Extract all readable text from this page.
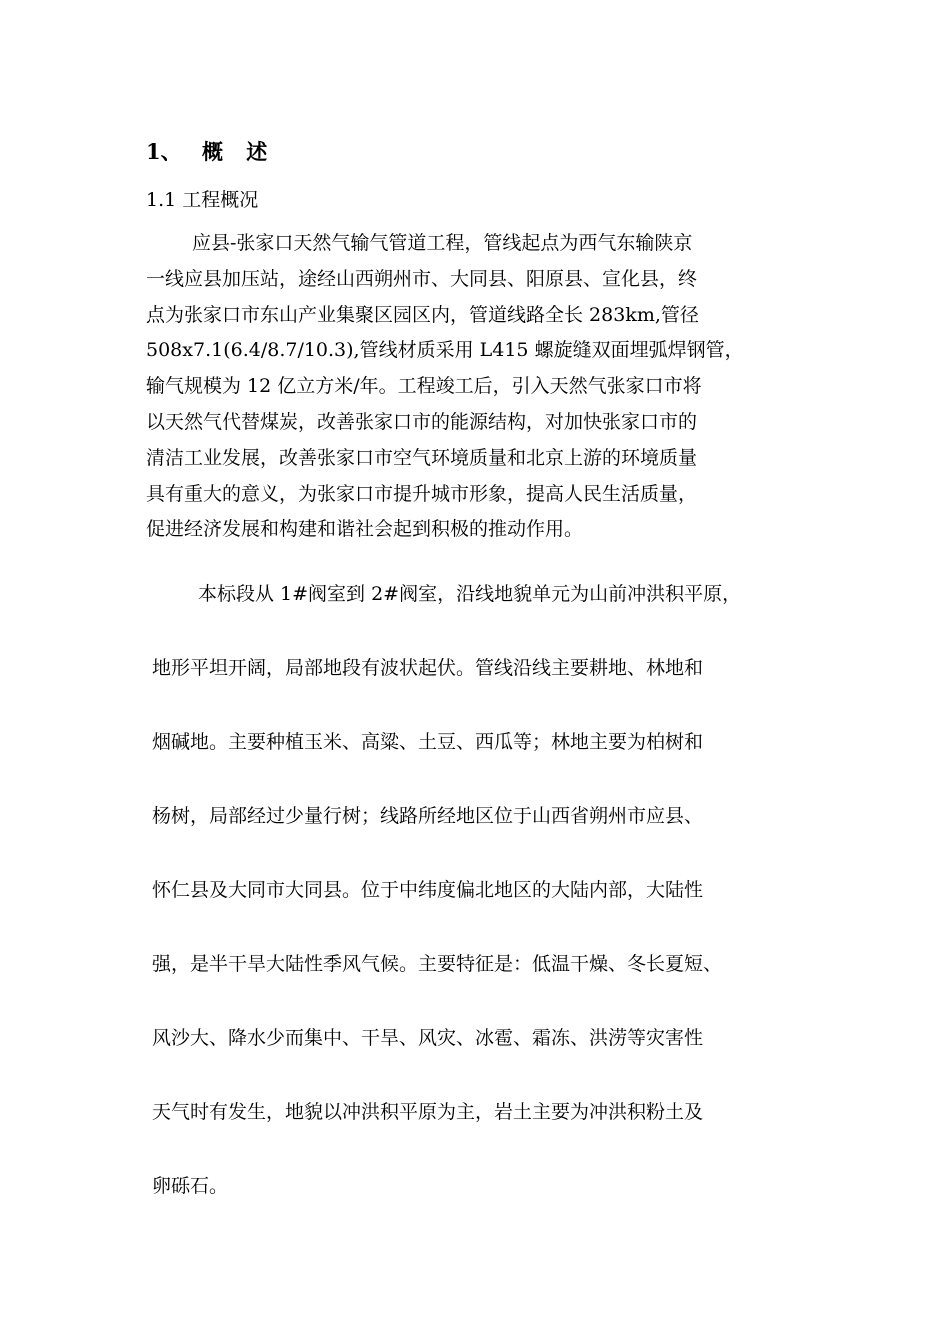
1、 概 述
1.1 工程概况
应县-张家口天然气输气管道工程，管线起点为西气东输陕京
一线应县加压站，途经山西朔州市、大同县、阳原县、宣化县，终
点为张家口市东山产业集聚区园区内，管道线路全长 283km,管径
508x7.1(6.4/8.7/10.3),管线材质采用 L415 螺旋缝双面埋弧焊钢管，
输气规模为 12 亿立方米/年。工程竣工后，引入天然气张家口市将
以天然气代替煤炭，改善张家口市的能源结构，对加快张家口市的
清洁工业发展，改善张家口市空气环境质量和北京上游的环境质量
具有重大的意义，为张家口市提升城市形象，提高人民生活质量，
促进经济发展和构建和谐社会起到积极的推动作用。
本标段从 1#阀室到 2#阀室，沿线地貌单元为山前冲洪积平原，
地形平坦开阔，局部地段有波状起伏。管线沿线主要耕地、林地和
烟碱地。主要种植玉米、高粱、土豆、西瓜等；林地主要为柏树和
杨树，局部经过少量行树；线路所经地区位于山西省朔州市应县、
怀仁县及大同市大同县。位于中纬度偏北地区的大陆内部，大陆性
强，是半干旱大陆性季风气候。主要特征是：低温干燥、冬长夏短、
风沙大、降水少而集中、干旱、风灾、冰雹、霜冻、洪涝等灾害性
天气时有发生，地貌以冲洪积平原为主，岩土主要为冲洪积粉土及
卵砾石。
